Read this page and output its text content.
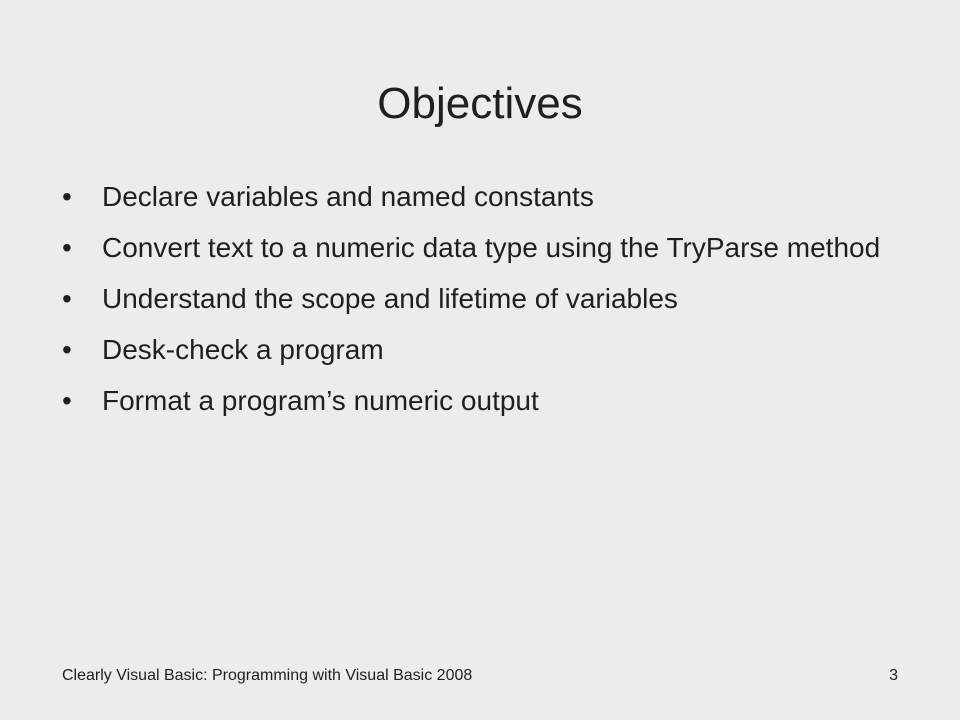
Objectives
•	Declare variables and named constants
•	Convert text to a numeric data type using the TryParse method
•	Understand the scope and lifetime of variables
•	Desk-check a program
•	Format a program’s numeric output
Clearly Visual Basic: Programming with Visual Basic 2008	3
